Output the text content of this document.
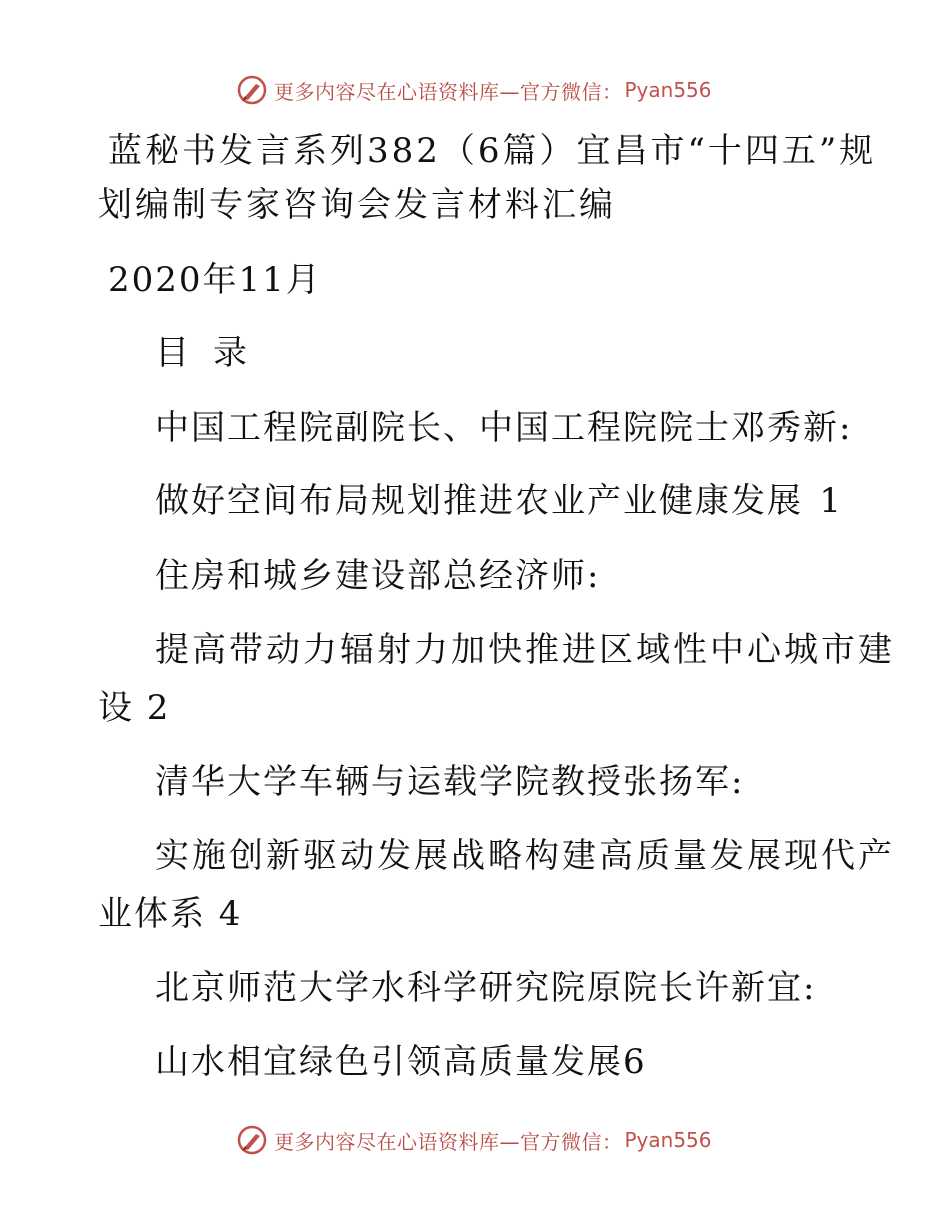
更多内容尽在心语资料库—官方微信： Pyan556
蓝秘书发言系列382（6篇）宜昌市“十四五”规
划编制专家咨询会发言材料汇编
2020年11月
目 录
中国工程院副院长、中国工程院院士邓秀新:
做好空间布局规划推进农业产业健康发展 1
住房和城乡建设部总经济师:
提高带动力辐射力加快推进区域性中心城市建
设 2
清华大学车辆与运载学院教授张扬军:
实施创新驱动发展战略构建高质量发展现代产
业体系 4
北京师范大学水科学研究院原院长许新宜:
山水相宜绿色引领高质量发展6
更多内容尽在心语资料库—官方微信： Pyan556
